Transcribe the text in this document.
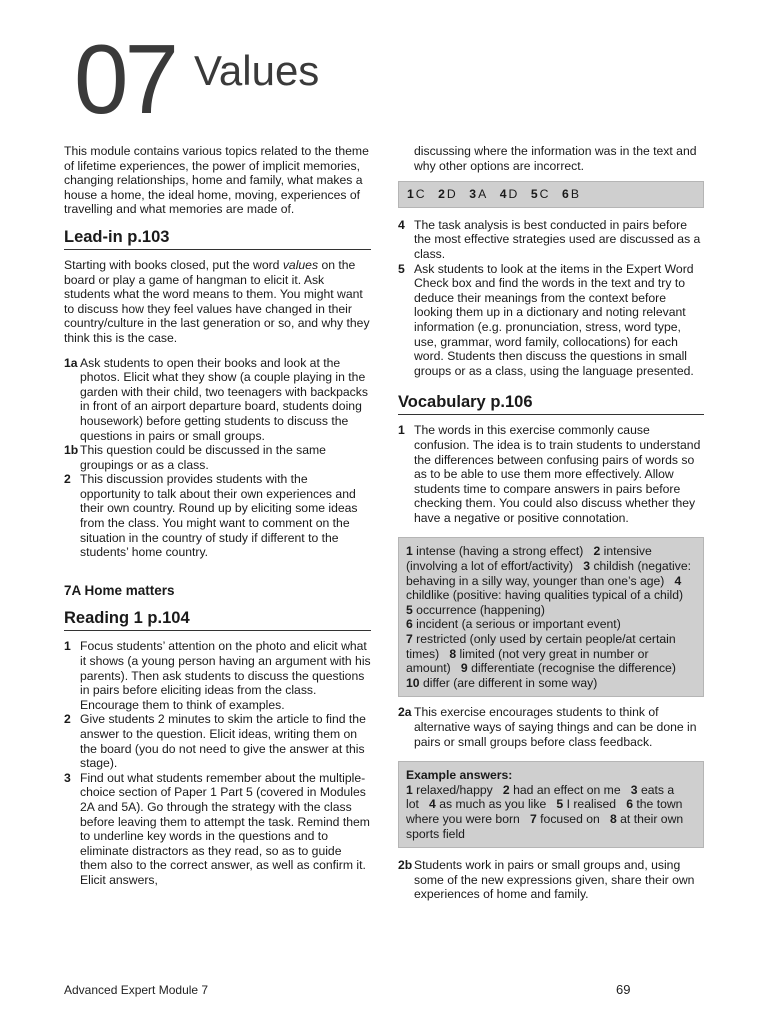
07 Values

This module contains various topics related to the theme of lifetime experiences, the power of implicit memories, changing relationships, home and family, what makes a house a home, the ideal home, moving, experiences of travelling and what memories are made of.

Lead-in p.103

Starting with books closed, put the word values on the board or play a game of hangman to elicit it. Ask students what the word means to them. You might want to discuss how they feel values have changed in their country/culture in the last generation or so, and why they think this is the case.

1a Ask students to open their books and look at the photos. Elicit what they show (a couple playing in the garden with their child, two teenagers with backpacks in front of an airport departure board, students doing housework) before getting students to discuss the questions in pairs or small groups.
1b This question could be discussed in the same groupings or as a class.
2 This discussion provides students with the opportunity to talk about their own experiences and their own country. Round up by eliciting some ideas from the class. You might want to comment on the situation in the country of study if different to the students’ home country.
7A Home matters
Reading 1 p.104
1 Focus students’ attention on the photo and elicit what it shows (a young person having an argument with his parents). Then ask students to discuss the questions in pairs before eliciting ideas from the class. Encourage them to think of examples.
2 Give students 2 minutes to skim the article to find the answer to the question. Elicit ideas, writing them on the board (you do not need to give the answer at this stage).
3 Find out what students remember about the multiple-choice section of Paper 1 Part 5 (covered in Modules 2A and 5A). Go through the strategy with the class before leaving them to attempt the task. Remind them to underline key words in the questions and to eliminate distractors as they read, so as to guide them also to the correct answer, as well as confirm it. Elicit answers,
discussing where the information was in the text and why other options are incorrect.
1 C 2 D 3 A 4 D 5 C 6 B
4 The task analysis is best conducted in pairs before the most effective strategies used are discussed as a class.
5 Ask students to look at the items in the Expert Word Check box and find the words in the text and try to deduce their meanings from the context before looking them up in a dictionary and noting relevant information (e.g. pronunciation, stress, word type, use, grammar, word family, collocations) for each word. Students then discuss the questions in small groups or as a class, using the language presented.
Vocabulary p.106
1 The words in this exercise commonly cause confusion. The idea is to train students to understand the differences between confusing pairs of words so as to be able to use them more effectively. Allow students time to compare answers in pairs before checking them. You could also discuss whether they have a negative or positive connotation.
1 intense (having a strong effect) 2 intensive (involving a lot of effort/activity) 3 childish (negative: behaving in a silly way, younger than one’s age) 4 childlike (positive: having qualities typical of a child)   5 occurrence (happening)
6 incident (a serious or important event)
7 restricted (only used by certain people/at certain times) 8 limited (not very great in number or amount) 9 differentiate (recognise the difference)   10 differ (are different in some way)
2a This exercise encourages students to think of alternative ways of saying things and can be done in pairs or small groups before class feedback.
Example answers:
1 relaxed/happy 2 had an effect on me 3 eats a lot 4 as much as you like 5 I realised 6 the town where you were born 7 focused on 8 at their own sports field
2b Students work in pairs or small groups and, using some of the new expressions given, share their own experiences of home and family.
Advanced Expert Module 7	69
